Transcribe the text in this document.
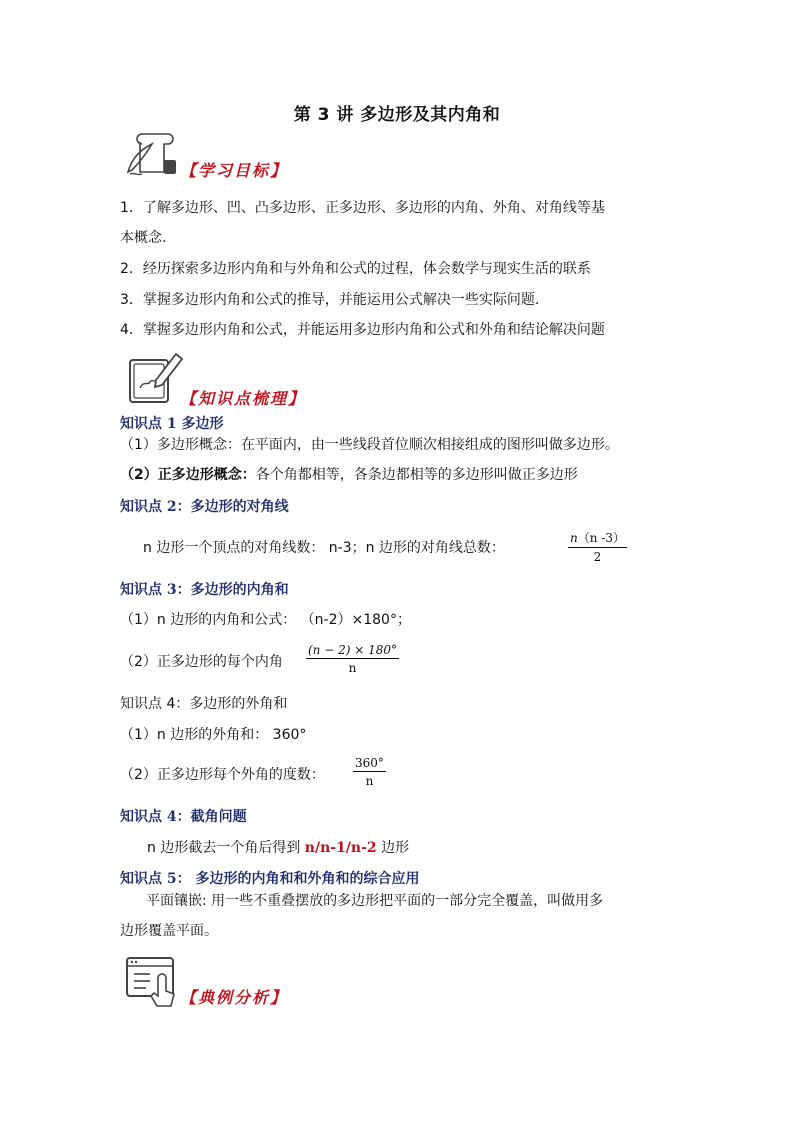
第 3 讲 多边形及其内角和
【学习目标】
1．了解多边形、凹、凸多边形、正多边形、多边形的内角、外角、对角线等基
本概念.
2．经历探索多边形内角和与外角和公式的过程，体会数学与现实生活的联系
3．掌握多边形内角和公式的推导，并能运用公式解决一些实际问题.
4．掌握多边形内角和公式，并能运用多边形内角和公式和外角和结论解决问题
【知识点梳理】
知识点 1 多边形
（1）多边形概念：在平面内，由一些线段首位顺次相接组成的图形叫做多边形。
（2）正多边形概念：各个角都相等，各条边都相等的多边形叫做正多边形
知识点 2：多边形的对角线
n 边形一个顶点的对角线数： n-3；n 边形的对角线总数：
n（n -3）
2
知识点 3：多边形的内角和
（1）n 边形的内角和公式： （n-2）×180°；
（2）正多边形的每个内角
(n − 2) × 180°
n
知识点 4：多边形的外角和
（1）n 边形的外角和： 360°
（2）正多边形每个外角的度数：
360°
n
知识点 4：截角问题
n 边形截去一个角后得到 n/n-1/n-2 边形
知识点 5： 多边形的内角和和外角和的综合应用
平面镶嵌: 用一些不重叠摆放的多边形把平面的一部分完全覆盖，叫做用多
边形覆盖平面。
【典例分析】
